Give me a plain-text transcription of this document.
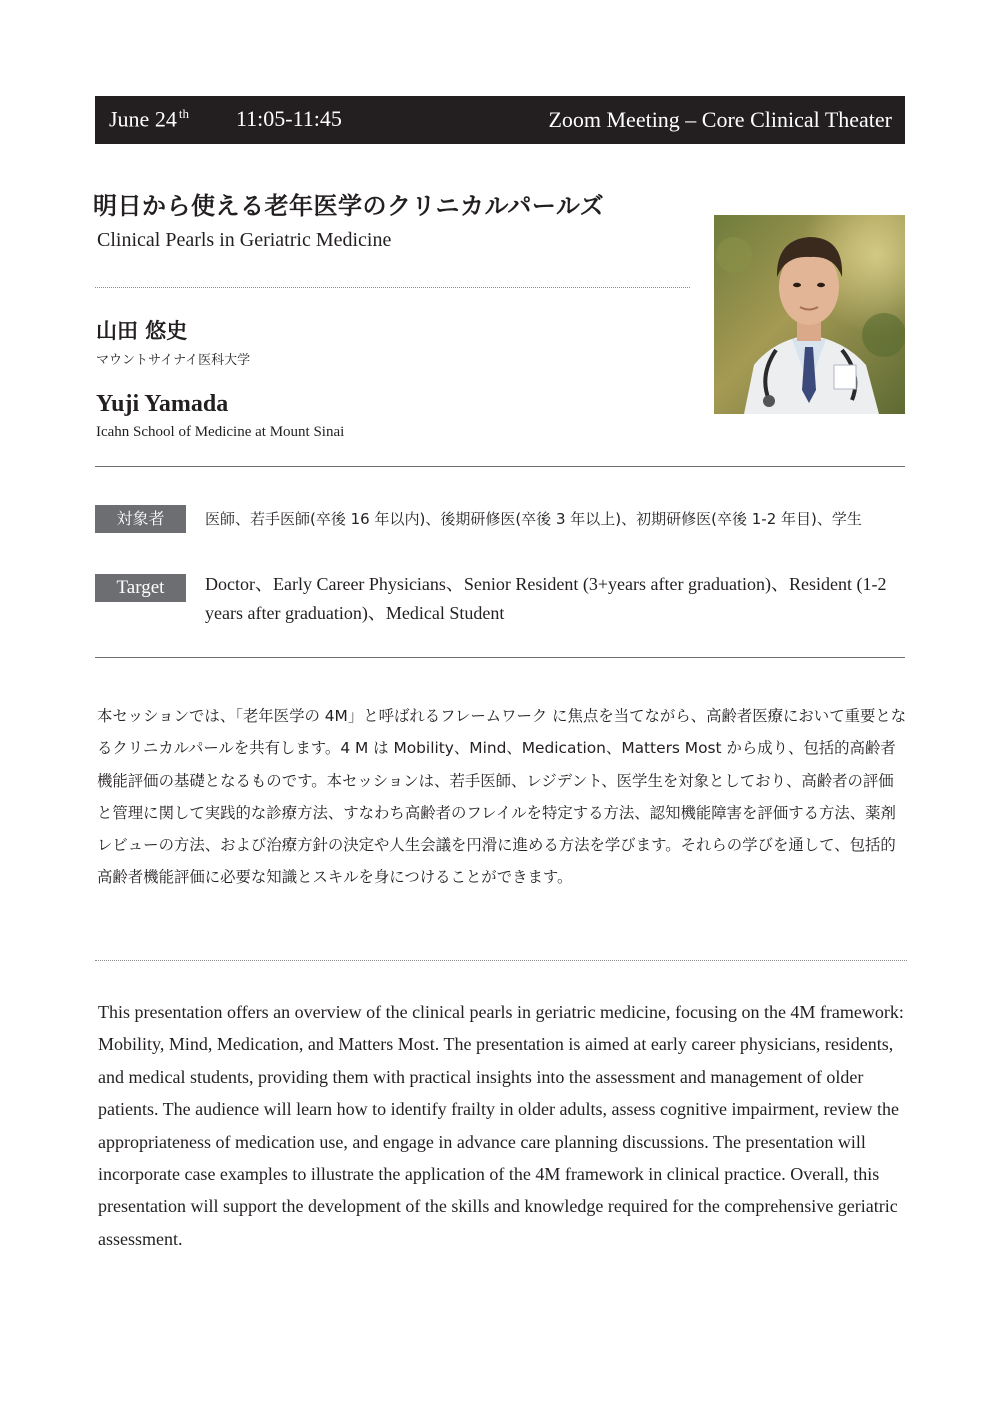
June 24 $^{th}$ 11:05-11:45	Zoom Meeting – Core Clinical Theater
明日から使える老年医学のクリニカルパールズ
Clinical Pearls in Geriatric Medicine
山田 悠史
マウントサイナイ医科大学
Yuji Yamada
Icahn School of Medicine at Mount Sinai
対象者	医師、若手医師(卒後 16 年以内)、後期研修医(卒後 3 年以上)、初期研修医(卒後 1-2 年目)、学生

Target	Doctor、Early Career Physicians、Senior Resident (3+years after graduation)、Resident (1-2 years after graduation)、Medical Student

本セッションでは、「老年医学の 4M」と呼ばれるフレームワーク に焦点を当てながら、高齢者医療において重要となるクリニカルパールを共有します。4 M は Mobility、Mind、Medication、Matters Most から成り、包括的高齢者機能評価の基礎となるものです。本セッションは、若手医師、レジデント、医学生を対象としており、高齢者の評価と管理に関して実践的な診療方法、すなわち高齢者のフレイルを特定する方法、認知機能障害を評価する方法、薬剤レビューの方法、および治療方針の決定や人生会議を円滑に進める方法を学びます。それらの学びを通して、包括的高齢者機能評価に必要な知識とスキルを身につけることができます。

This presentation offers an overview of the clinical pearls in geriatric medicine, focusing on the 4M framework: Mobility, Mind, Medication, and Matters Most. The presentation is aimed at early career physicians, residents, and medical students, providing them with practical insights into the assessment and management of older patients. The audience will learn how to identify frailty in older adults, assess cognitive impairment, review the appropriateness of medication use, and engage in advance care planning discussions. The presentation will incorporate case examples to illustrate the application of the 4M framework in clinical practice. Overall, this presentation will support the development of the skills and knowledge required for the comprehensive geriatric assessment.
